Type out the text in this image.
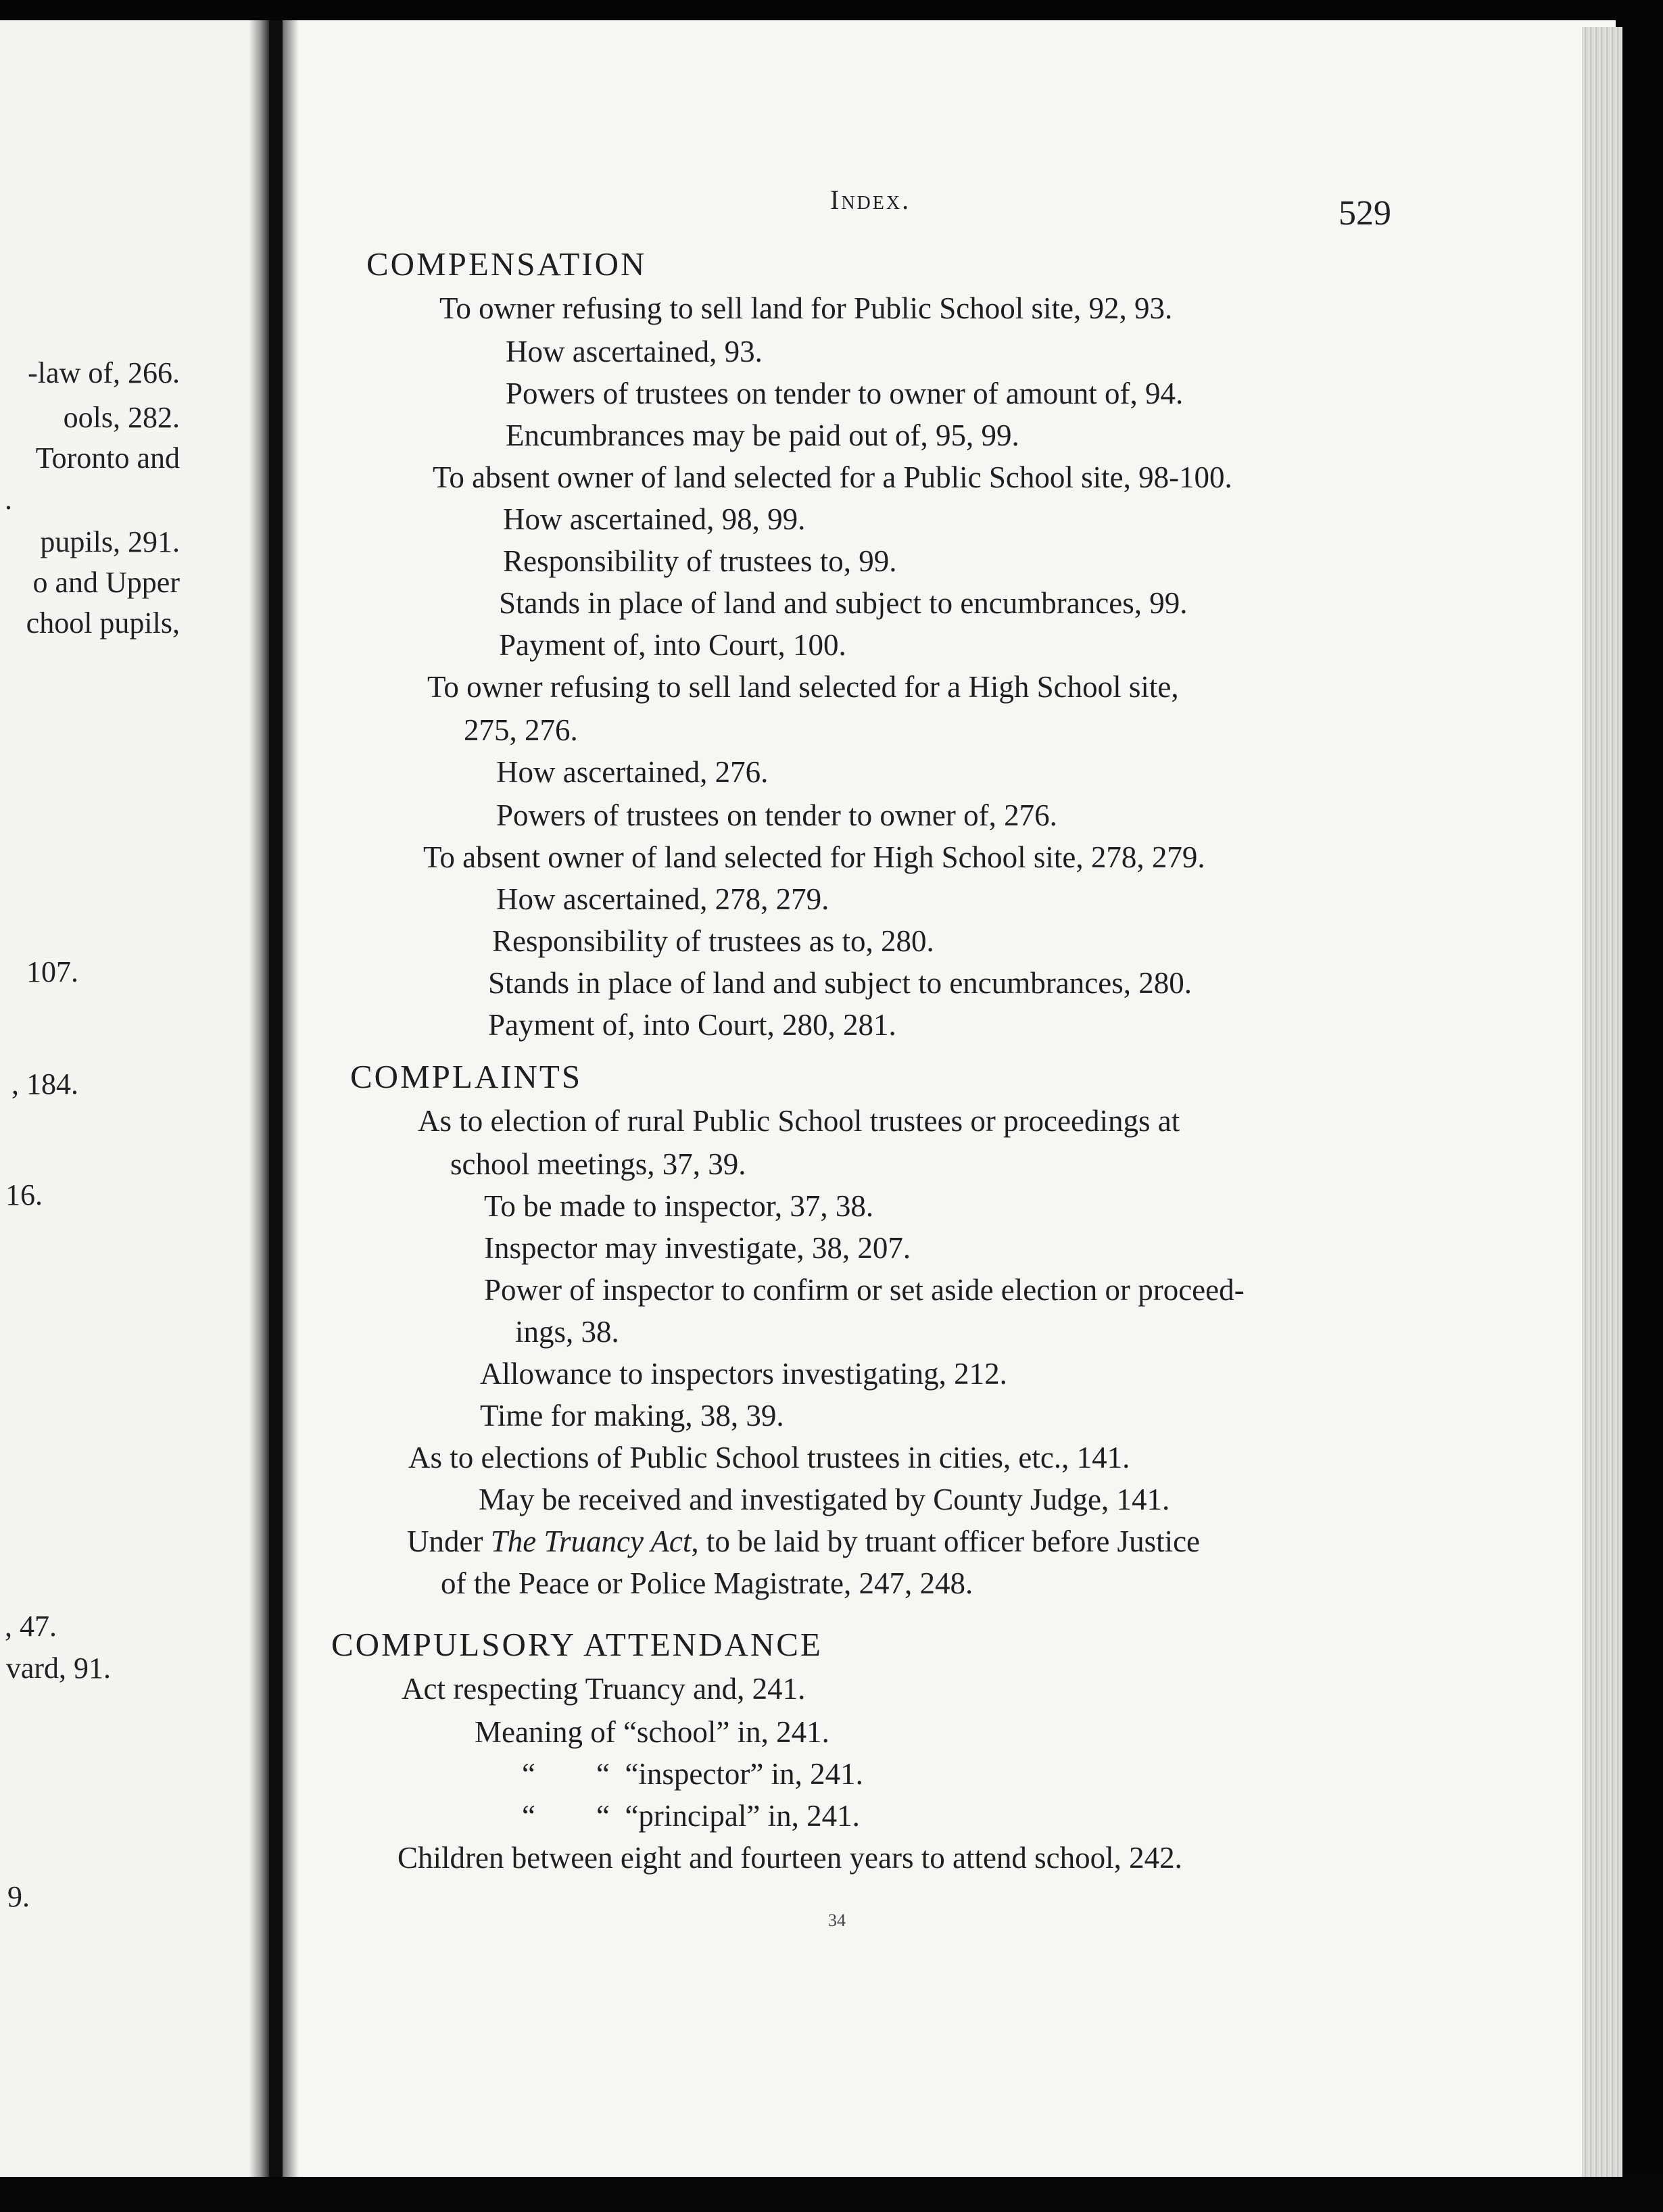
-law of, 266.
ools, 282.
Toronto and
.
pupils, 291.
o and Upper
chool pupils,
107.
, 184.
16.
, 47.
vard, 91.
9.
Index.	529
COMPENSATION
To owner refusing to sell land for Public School site, 92, 93.
How ascertained, 93.
Powers of trustees on tender to owner of amount of, 94.
Encumbrances may be paid out of, 95, 99.
To absent owner of land selected for a Public School site, 98-100.
How ascertained, 98, 99.
Responsibility of trustees to, 99.
Stands in place of land and subject to encumbrances, 99.
Payment of, into Court, 100.
To owner refusing to sell land selected for a High School site,
275, 276.
How ascertained, 276.
Powers of trustees on tender to owner of, 276.
To absent owner of land selected for High School site, 278, 279.
How ascertained, 278, 279.
Responsibility of trustees as to, 280.
Stands in place of land and subject to encumbrances, 280.
Payment of, into Court, 280, 281.
COMPLAINTS
As to election of rural Public School trustees or proceedings at
school meetings, 37, 39.
To be made to inspector, 37, 38.
Inspector may investigate, 38, 207.
Power of inspector to confirm or set aside election or proceed-
ings, 38.
Allowance to inspectors investigating, 212.
Time for making, 38, 39.
As to elections of Public School trustees in cities, etc., 141.
May be received and investigated by County Judge, 141.
Under The Truancy Act, to be laid by truant officer before Justice
of the Peace or Police Magistrate, 247, 248.
COMPULSORY ATTENDANCE
Act respecting Truancy and, 241.
Meaning of “school” in, 241.
“        “  “inspector” in, 241.
“        “  “principal” in, 241.
Children between eight and fourteen years to attend school, 242.
34
